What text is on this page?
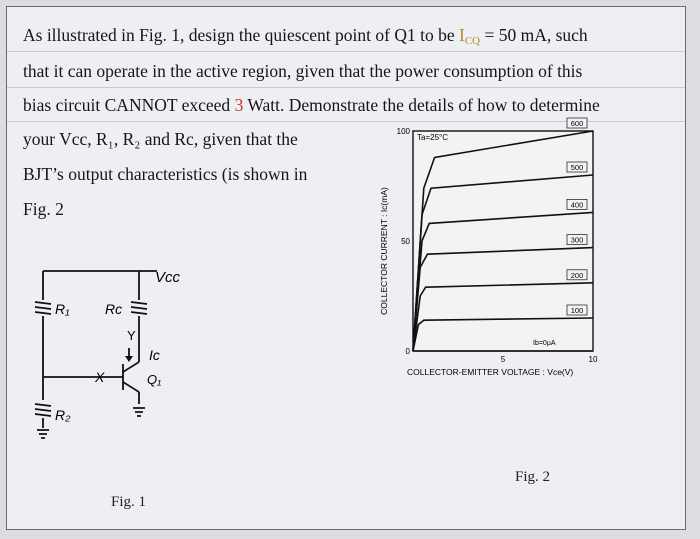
As illustrated in Fig. 1, design the quiescent point of Q1 to be $I_{CQ} = 50$ mA, such
that it can operate in the active region, given that the power consumption of this
bias circuit CANNOT exceed 3 Watt. Demonstrate the details of how to determine
your Vcc, R₁, R₂ and Rc, given that the
BJT’s output characteristics (is shown in
Fig. 2
Vcc
R₁	Rc
Y
X
Ic
Q₁
R₂
Fig. 1
600
500
400
300
200
100
COLLECTOR CURRENT : Ic(mA)
COLLECTOR-EMITTER VOLTAGE : Vce(V)
Ta=25°C
Ib=0μA
100
50
0
5	10
Fig. 2
